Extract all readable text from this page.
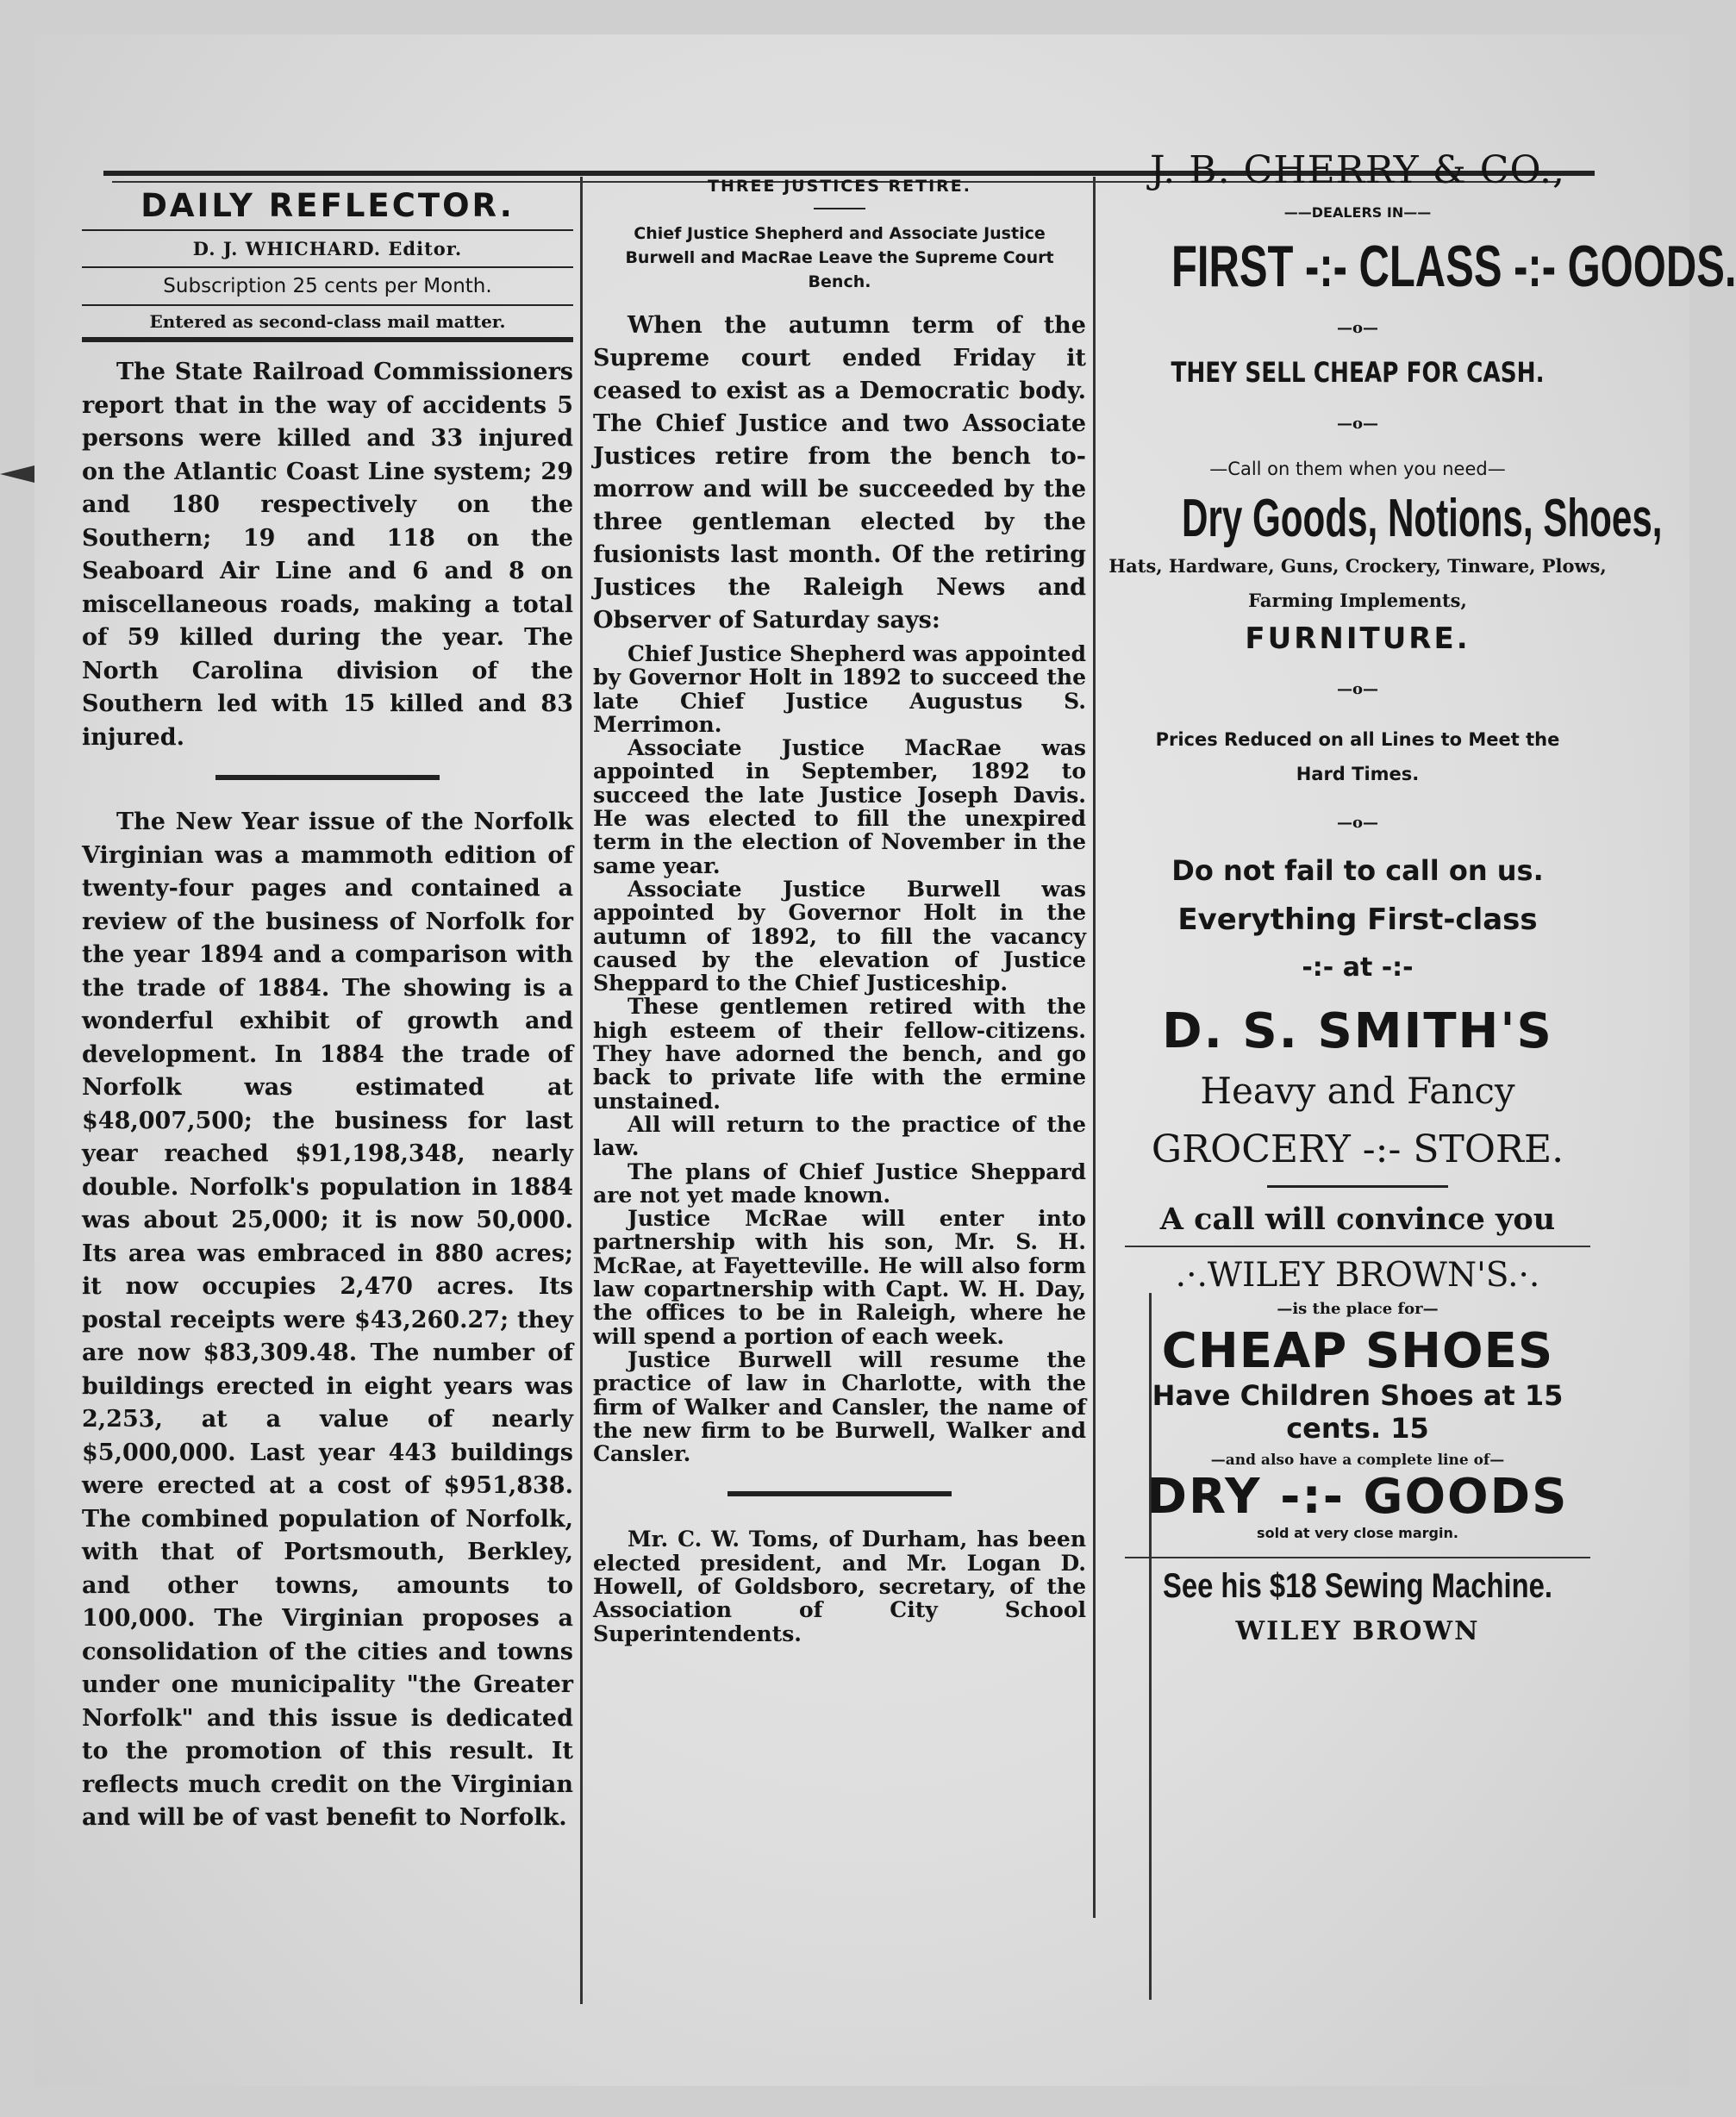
DAILY REFLECTOR.
D. J. WHICHARD. Editor.
Subscription 25 cents per Month.
Entered as second-class mail matter.

The State Railroad Commissioners report that in the way of accidents 5 persons were killed and 33 injured on the Atlantic Coast Line system; 29 and 180 respectively on the Southern; 19 and 118 on the Seaboard Air Line and 6 and 8 on miscellaneous roads, making a total of 59 killed during the year. The North Carolina division of the Southern led with 15 killed and 83 injured.

The New Year issue of the Norfolk Virginian was a mammoth edition of twenty-four pages and contained a review of the business of Norfolk for the year 1894 and a comparison with the trade of 1884. The showing is a wonderful exhibit of growth and development. In 1884 the trade of Norfolk was estimated at $48,007,500; the business for last year reached $91,198,348, nearly double. Norfolk's population in 1884 was about 25,000; it is now 50,000. Its area was embraced in 880 acres; it now occupies 2,470 acres. Its postal receipts were $43,260.27; they are now $83,309.48. The number of buildings erected in eight years was 2,253, at a value of nearly $5,000,000. Last year 443 buildings were erected at a cost of $951,838. The combined population of Norfolk, with that of Portsmouth, Berkley, and other towns, amounts to 100,000. The Virginian proposes a consolidation of the cities and towns under one municipality "the Greater Norfolk" and this issue is dedicated to the promotion of this result. It reflects much credit on the Virginian and will be of vast benefit to Norfolk.

THREE JUSTICES RETIRE.
Chief Justice Shepherd and Associate Justice Burwell and MacRae Leave the Supreme Court Bench.

When the autumn term of the Supreme court ended Friday it ceased to exist as a Democratic body. The Chief Justice and two Associate Justices retire from the bench to-morrow and will be succeeded by the three gentleman elected by the fusionists last month. Of the retiring Justices the Raleigh News and Observer of Saturday says:

Chief Justice Shepherd was appointed by Governor Holt in 1892 to succeed the late Chief Justice Augustus S. Merrimon.

Associate Justice MacRae was appointed in September, 1892 to succeed the late Justice Joseph Davis. He was elected to fill the unexpired term in the election of November in the same year.

Associate Justice Burwell was appointed by Governor Holt in the autumn of 1892, to fill the vacancy caused by the elevation of Justice Sheppard to the Chief Justiceship.

These gentlemen retired with the high esteem of their fellow-citizens. They have adorned the bench, and go back to private life with the ermine unstained.

All will return to the practice of the law.

The plans of Chief Justice Sheppard are not yet made known.

Justice McRae will enter into partnership with his son, Mr. S. H. McRae, at Fayetteville. He will also form law copartnership with Capt. W. H. Day, the offices to be in Raleigh, where he will spend a portion of each week.

Justice Burwell will resume the practice of law in Charlotte, with the firm of Walker and Cansler, the name of the new firm to be Burwell, Walker and Cansler.

Mr. C. W. Toms, of Durham, has been elected president, and Mr. Logan D. Howell, of Goldsboro, secretary, of the Association of City School Superintendents.

J. B. CHERRY & CO.,
——DEALERS IN——
FIRST -:- CLASS -:- GOODS.
—o—
THEY SELL CHEAP FOR CASH.
—o—
—Call on them when you need—
Dry Goods, Notions, Shoes,
Hats, Hardware, Guns, Crockery, Tinware, Plows, Farming Implements,
FURNITURE.
—o—
Prices Reduced on all Lines to Meet the Hard Times.
—o—
Do not fail to call on us.
Everything First-class
-:- at -:-
D. S. SMITH'S
Heavy and Fancy
GROCERY -:- STORE.
A call will convince you
.·.WILEY BROWN'S.·.
—is the place for—
CHEAP SHOES
Have Children Shoes at 15 cents. 15
—and also have a complete line of—
DRY -:- GOODS
sold at very close margin.
See his $18 Sewing Machine.
WILEY BROWN
